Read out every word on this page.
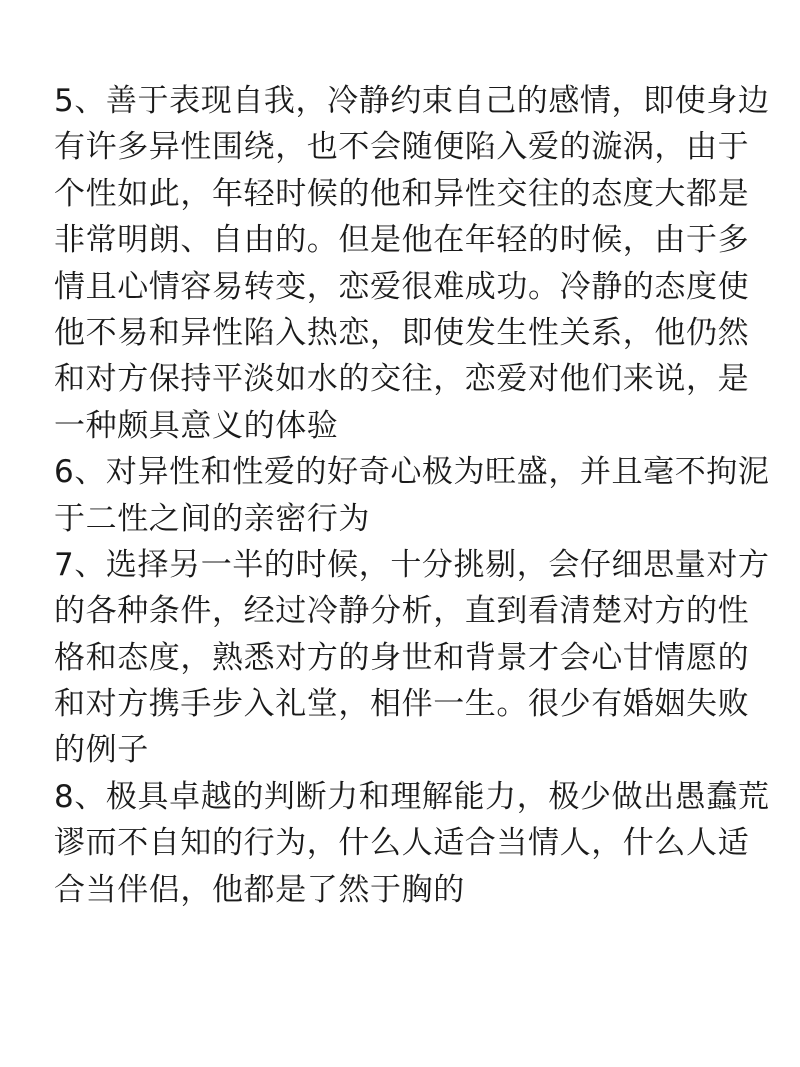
5、善于表现自我，冷静约束自己的感情，即使身边
有许多异性围绕，也不会随便陷入爱的漩涡，由于
个性如此，年轻时候的他和异性交往的态度大都是
非常明朗、自由的。但是他在年轻的时候，由于多
情且心情容易转变，恋爱很难成功。冷静的态度使
他不易和异性陷入热恋，即使发生性关系，他仍然
和对方保持平淡如水的交往，恋爱对他们来说，是
一种颇具意义的体验
6、对异性和性爱的好奇心极为旺盛，并且毫不拘泥
于二性之间的亲密行为
7、选择另一半的时候，十分挑剔，会仔细思量对方
的各种条件，经过冷静分析，直到看清楚对方的性
格和态度，熟悉对方的身世和背景才会心甘情愿的
和对方携手步入礼堂，相伴一生。很少有婚姻失败
的例子
8、极具卓越的判断力和理解能力，极少做出愚蠢荒
谬而不自知的行为，什么人适合当情人，什么人适
合当伴侣，他都是了然于胸的
